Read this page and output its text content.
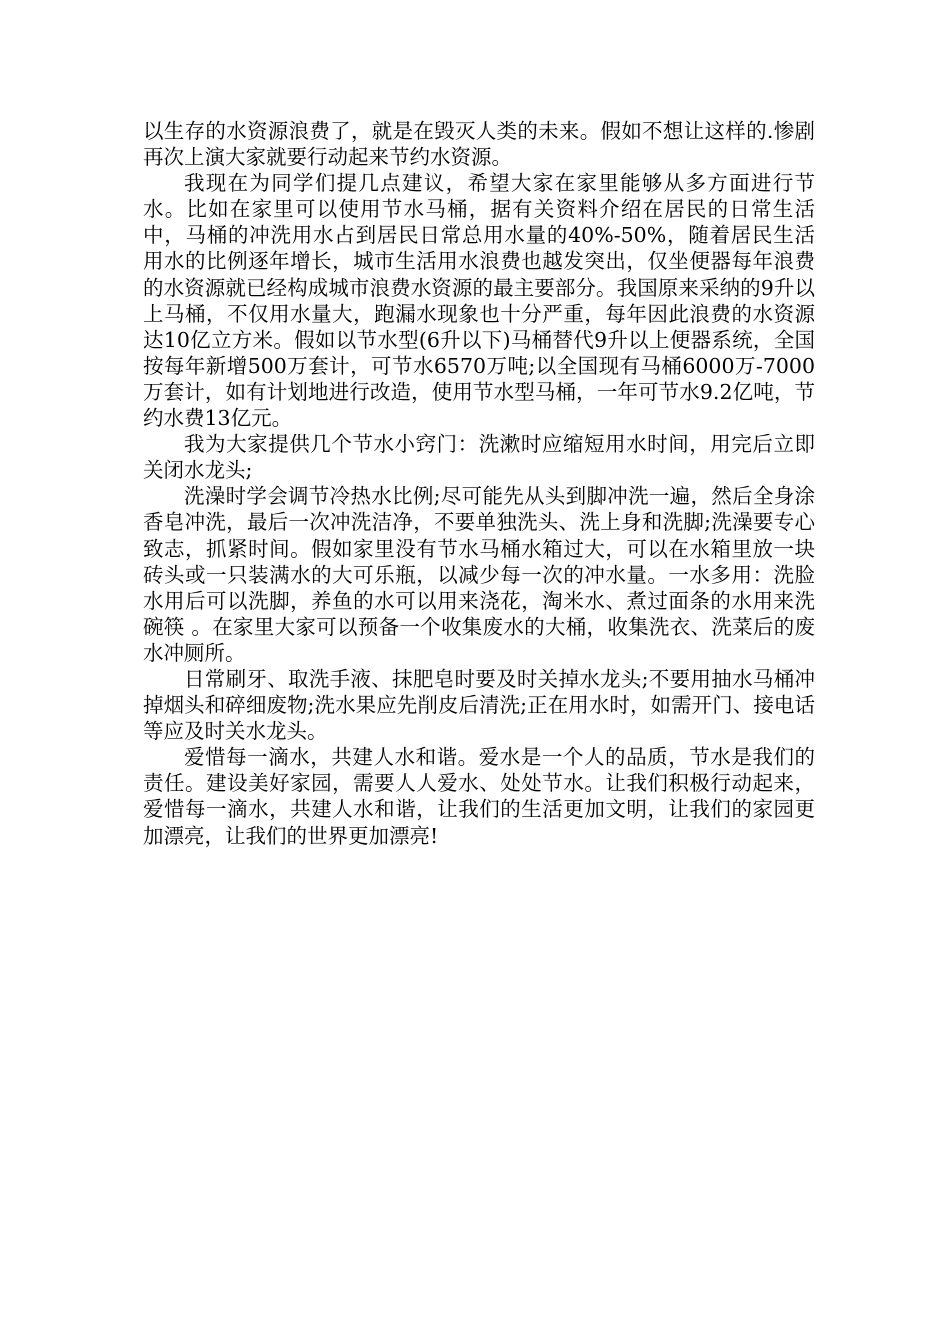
以生存的水资源浪费了，就是在毁灭人类的未来。假如不想让这样的.惨剧再次上演大家就要行动起来节约水资源。

我现在为同学们提几点建议，希望大家在家里能够从多方面进行节水。比如在家里可以使用节水马桶，据有关资料介绍在居民的日常生活中，马桶的冲洗用水占到居民日常总用水量的40%-50%，随着居民生活用水的比例逐年增长，城市生活用水浪费也越发突出，仅坐便器每年浪费的水资源就已经构成城市浪费水资源的最主要部分。我国原来采纳的9升以上马桶，不仅用水量大，跑漏水现象也十分严重，每年因此浪费的水资源达10亿立方米。假如以节水型(6升以下)马桶替代9升以上便器系统，全国按每年新增500万套计，可节水6570万吨;以全国现有马桶6000万-7000万套计，如有计划地进行改造，使用节水型马桶，一年可节水9.2亿吨，节约水费13亿元。

我为大家提供几个节水小窍门：洗漱时应缩短用水时间，用完后立即关闭水龙头;

洗澡时学会调节冷热水比例;尽可能先从头到脚冲洗一遍，然后全身涂香皂冲洗，最后一次冲洗洁净，不要单独洗头、洗上身和洗脚;洗澡要专心致志，抓紧时间。假如家里没有节水马桶水箱过大，可以在水箱里放一块砖头或一只装满水的大可乐瓶，以减少每一次的冲水量。一水多用：洗脸水用后可以洗脚，养鱼的水可以用来浇花，淘米水、煮过面条的水用来洗碗筷 。在家里大家可以预备一个收集废水的大桶，收集洗衣、洗菜后的废水冲厕所。

日常刷牙、取洗手液、抹肥皂时要及时关掉水龙头;不要用抽水马桶冲掉烟头和碎细废物;洗水果应先削皮后清洗;正在用水时，如需开门、接电话等应及时关水龙头。

爱惜每一滴水，共建人水和谐。爱水是一个人的品质，节水是我们的责任。建设美好家园，需要人人爱水、处处节水。让我们积极行动起来，爱惜每一滴水，共建人水和谐，让我们的生活更加文明，让我们的家园更加漂亮，让我们的世界更加漂亮!
